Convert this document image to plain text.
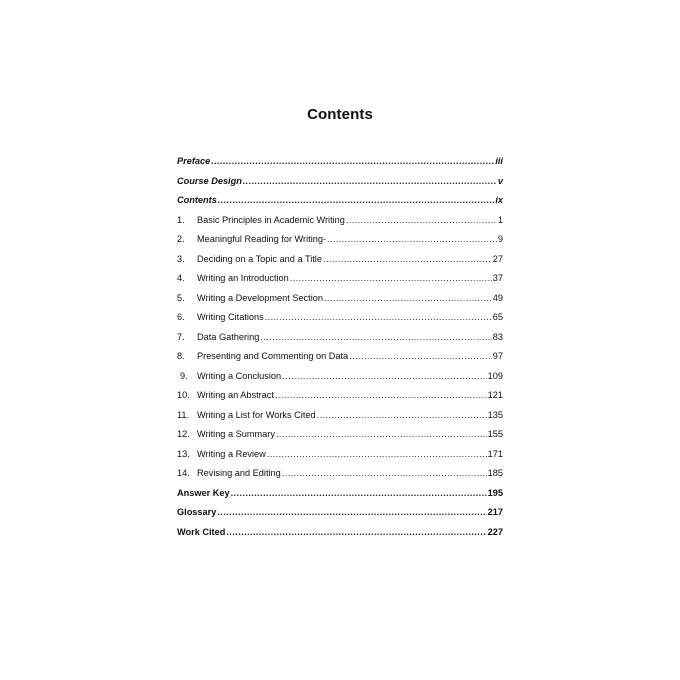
Contents
Preface .....	iii
Course Design .....	v
Contents .....	ix
1.	Basic Principles in Academic Writing .....	1
2.	Meaningful Reading for Writing- .....	9
3.	Deciding on a Topic and a Title .....	27
4.	Writing an Introduction .....	37
5.	Writing a Development Section .....	49
6.	Writing Citations .....	65
7.	Data Gathering .....	83
8.	Presenting and Commenting on Data .....	97
9.	Writing a Conclusion .....	109
10. Writing an Abstract .....	121
11. Writing a List for Works Cited .....	135
12. Writing a Summary .....	155
13. Writing a Review .....	171
14. Revising and Editing .....	185
Answer Key .....	195
Glossary .....	217
Work Cited .....	227
